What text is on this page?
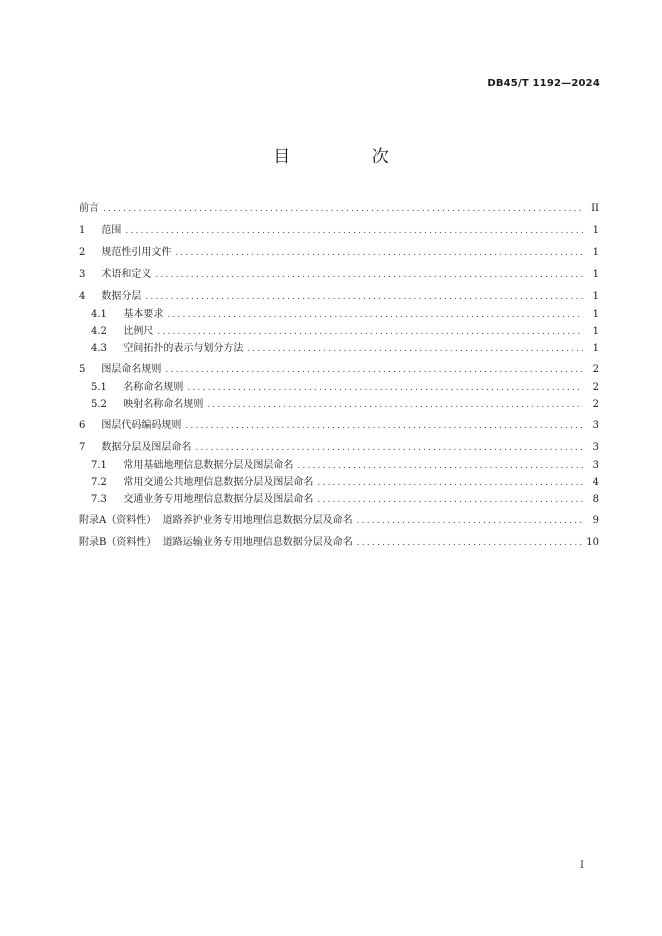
DB45/T 1192—2024
目 次
前言 .....	II
1 范围 .....	1
2 规范性引用文件 .....	1
3 术语和定义 .....	1
4 数据分层 .....	1
4.1 基本要求 .....	1
4.2 比例尺 .....	1
4.3 空间拓扑的表示与划分方法 .....	1
5 图层命名规则 .....	2
5.1 名称命名规则 .....	2
5.2 映射名称命名规则 .....	2
6 图层代码编码规则 .....	3
7 数据分层及图层命名 .....	3
7.1 常用基础地理信息数据分层及图层命名 .....	3
7.2 常用交通公共地理信息数据分层及图层命名 .....	4
7.3 交通业务专用地理信息数据分层及图层命名 .....	8
附录A（资料性） 道路养护业务专用地理信息数据分层及命名 .....	9
附录B（资料性） 道路运输业务专用地理信息数据分层及命名 .....	10
I
